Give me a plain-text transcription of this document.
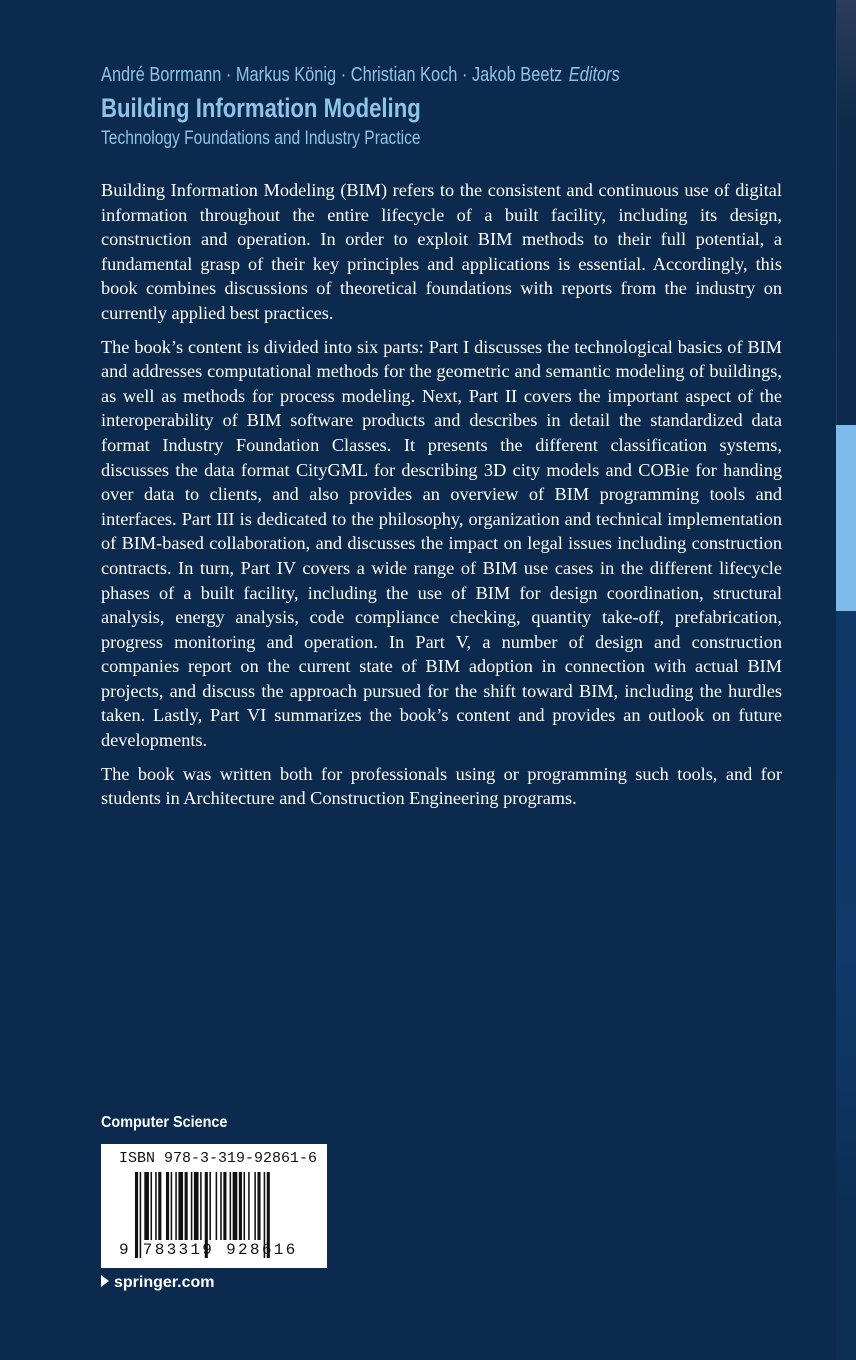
André Borrmann · Markus König · Christian Koch · Jakob Beetz Editors
Building Information Modeling
Technology Foundations and Industry Practice

Building Information Modeling (BIM) refers to the consistent and continuous use of digital information throughout the entire lifecycle of a built facility, including its design, construction and operation. In order to exploit BIM methods to their full potential, a fundamental grasp of their key principles and applications is essential. Accordingly, this book combines discussions of theoretical foundations with reports from the industry on currently applied best practices.

The book’s content is divided into six parts: Part I discusses the technological basics of BIM and addresses computational methods for the geometric and semantic modeling of buildings, as well as methods for process modeling. Next, Part II covers the important aspect of the interoperability of BIM software products and describes in detail the standardized data format Industry Foundation Classes. It presents the different classification systems, discusses the data format CityGML for describing 3D city models and COBie for handing over data to clients, and also provides an overview of BIM programming tools and interfaces. Part III is dedicated to the philosophy, organization and technical implementation of BIM-based collaboration, and discusses the impact on legal issues including construction contracts. In turn, Part IV covers a wide range of BIM use cases in the different lifecycle phases of a built facility, including the use of BIM for design coordination, structural analysis, energy analysis, code compliance checking, quantity take-off, prefabrication, progress monitoring and operation. In Part V, a number of design and construction companies report on the current state of BIM adoption in connection with actual BIM projects, and discuss the approach pursued for the shift toward BIM, including the hurdles taken. Lastly, Part VI summarizes the book’s content and provides an outlook on future developments.

The book was written both for professionals using or programming such tools, and for students in Architecture and Construction Engineering programs.

Computer Science
ISBN 978-3-319-92861-6
9 783319 928616
springer.com
